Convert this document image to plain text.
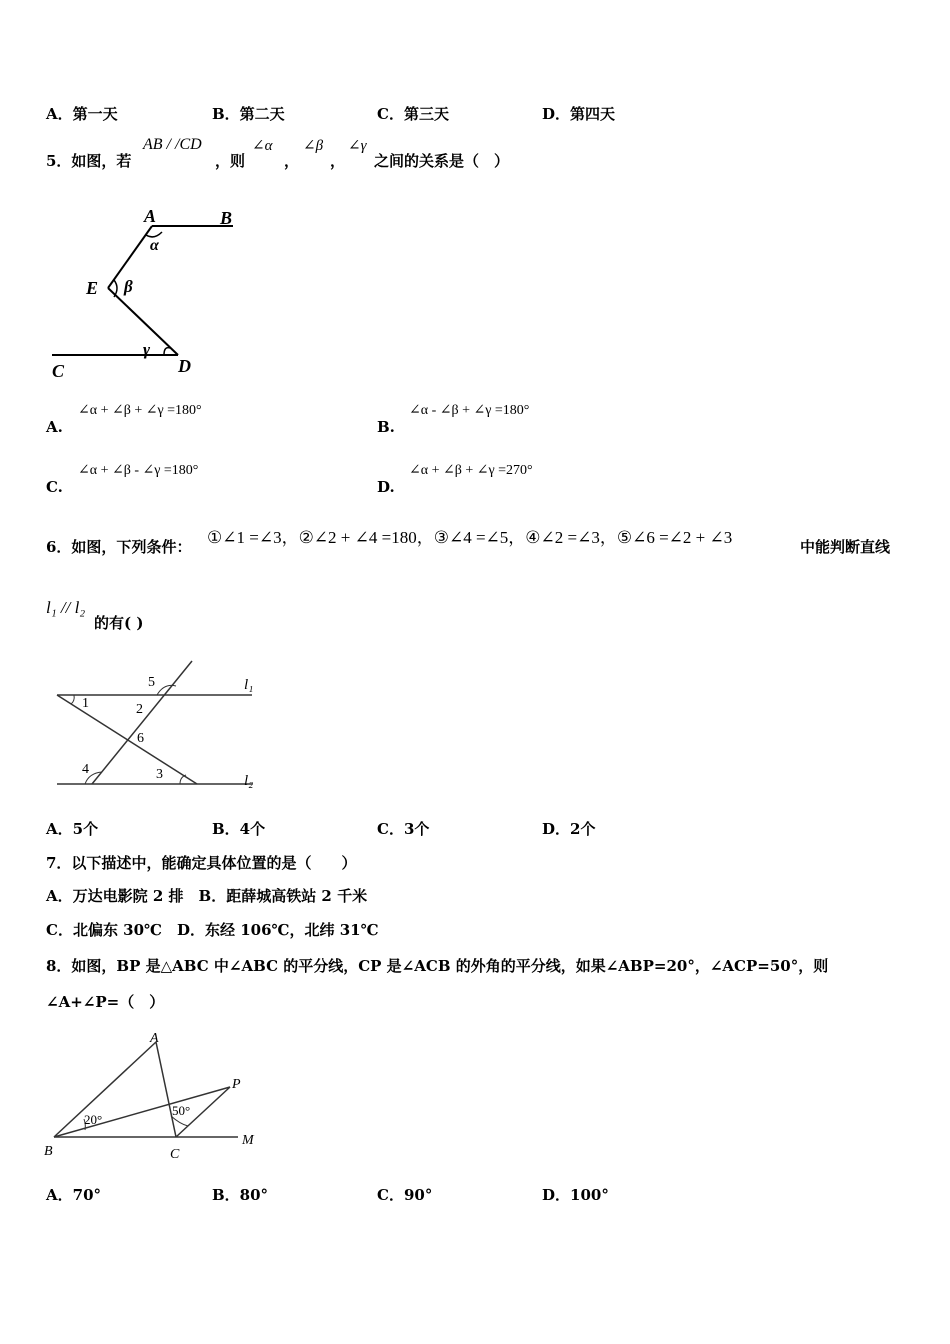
A．第一天	B．第二天	C．第三天	D．第四天
5．如图，若
AB / /CD
，则
∠α
，
∠β
，
∠γ
之间的关系是（　）
A	B
E
C	D
α
β
γ
A.
∠α + ∠β + ∠γ =180°
B.
∠α - ∠β + ∠γ =180°
C.
∠α + ∠β - ∠γ =180°
D.
∠α + ∠β + ∠γ =270°
6．如图，下列条件： ①∠1 =∠3，②∠2 + ∠4 =180，③∠4 =∠5，④∠2 =∠3，⑤∠6 =∠2 + ∠3	中能判断直线
l₁ // l₂
的有( )
1	2
3
4
5
6
l₁
l₂
A．5个	B．4个	C．3个	D．2个
7．以下描述中，能确定具体位置的是（　　）
A．万达电影院 2 排　B．距薛城高铁站 2 千米
C．北偏东 30℃　D．东经 106℃，北纬 31℃
8．如图，BP 是△ABC 中∠ABC 的平分线，CP 是∠ACB 的外角的平分线，如果∠ABP=20°，∠ACP=50°，则
∠A+∠P=（　）
A
B	C
P
M
20°
50°
A．70°	B．80°	C．90°	D．100°
